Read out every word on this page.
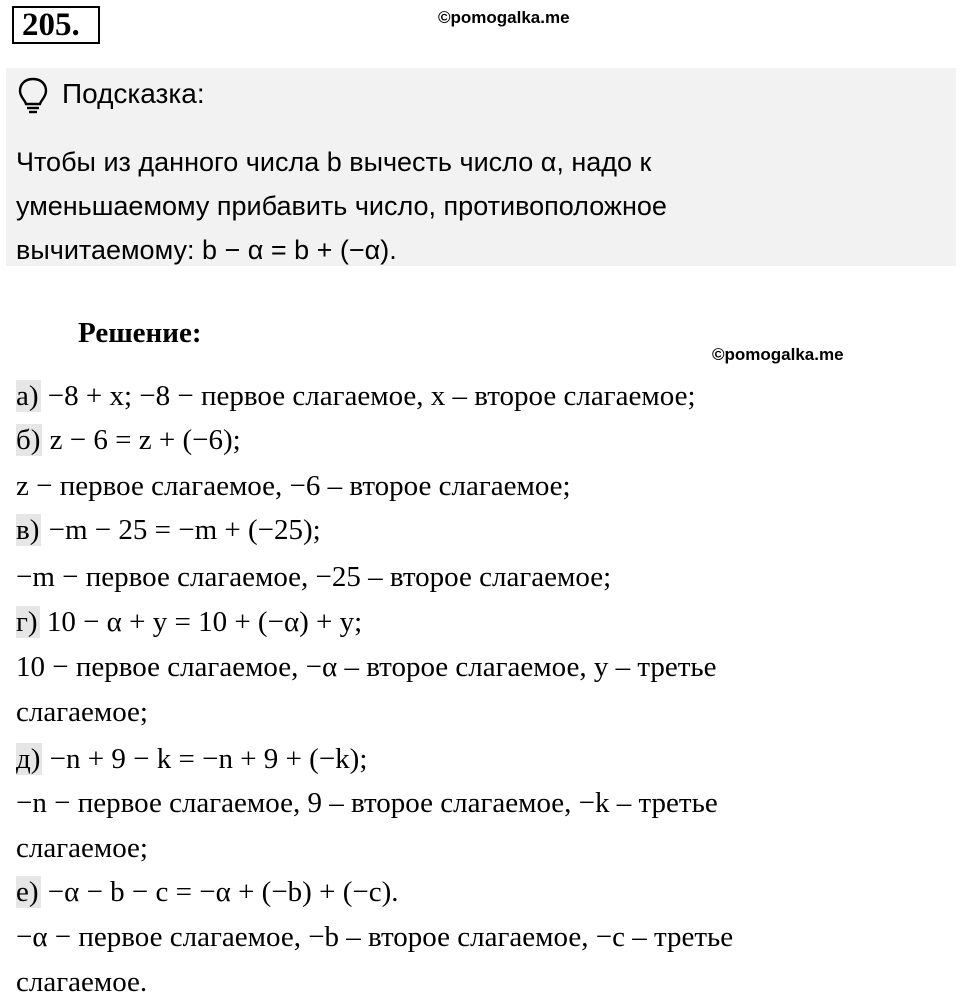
205.	©pomogalka.me
Подсказка:
Чтобы из данного числа b вычесть число α, надо к
уменьшаемому прибавить число, противоположное
вычитаемому: b − α = b + (−α).
Решение:
©pomogalka.me
а) −8 + x; −8 − первое слагаемое, x – второе слагаемое;
б) z − 6 = z + (−6);
z − первое слагаемое, −6 – второе слагаемое;
в) −m − 25 = −m + (−25);
−m − первое слагаемое, −25 – второе слагаемое;
г) 10 − α + y = 10 + (−α) + y;
10 − первое слагаемое, −α – второе слагаемое, y – третье
слагаемое;
д) −n + 9 − k = −n + 9 + (−k);
−n − первое слагаемое, 9 – второе слагаемое, −k – третье
слагаемое;
е) −α − b − c = −α + (−b) + (−c).
−α − первое слагаемое, −b – второе слагаемое, −c – третье
слагаемое.
